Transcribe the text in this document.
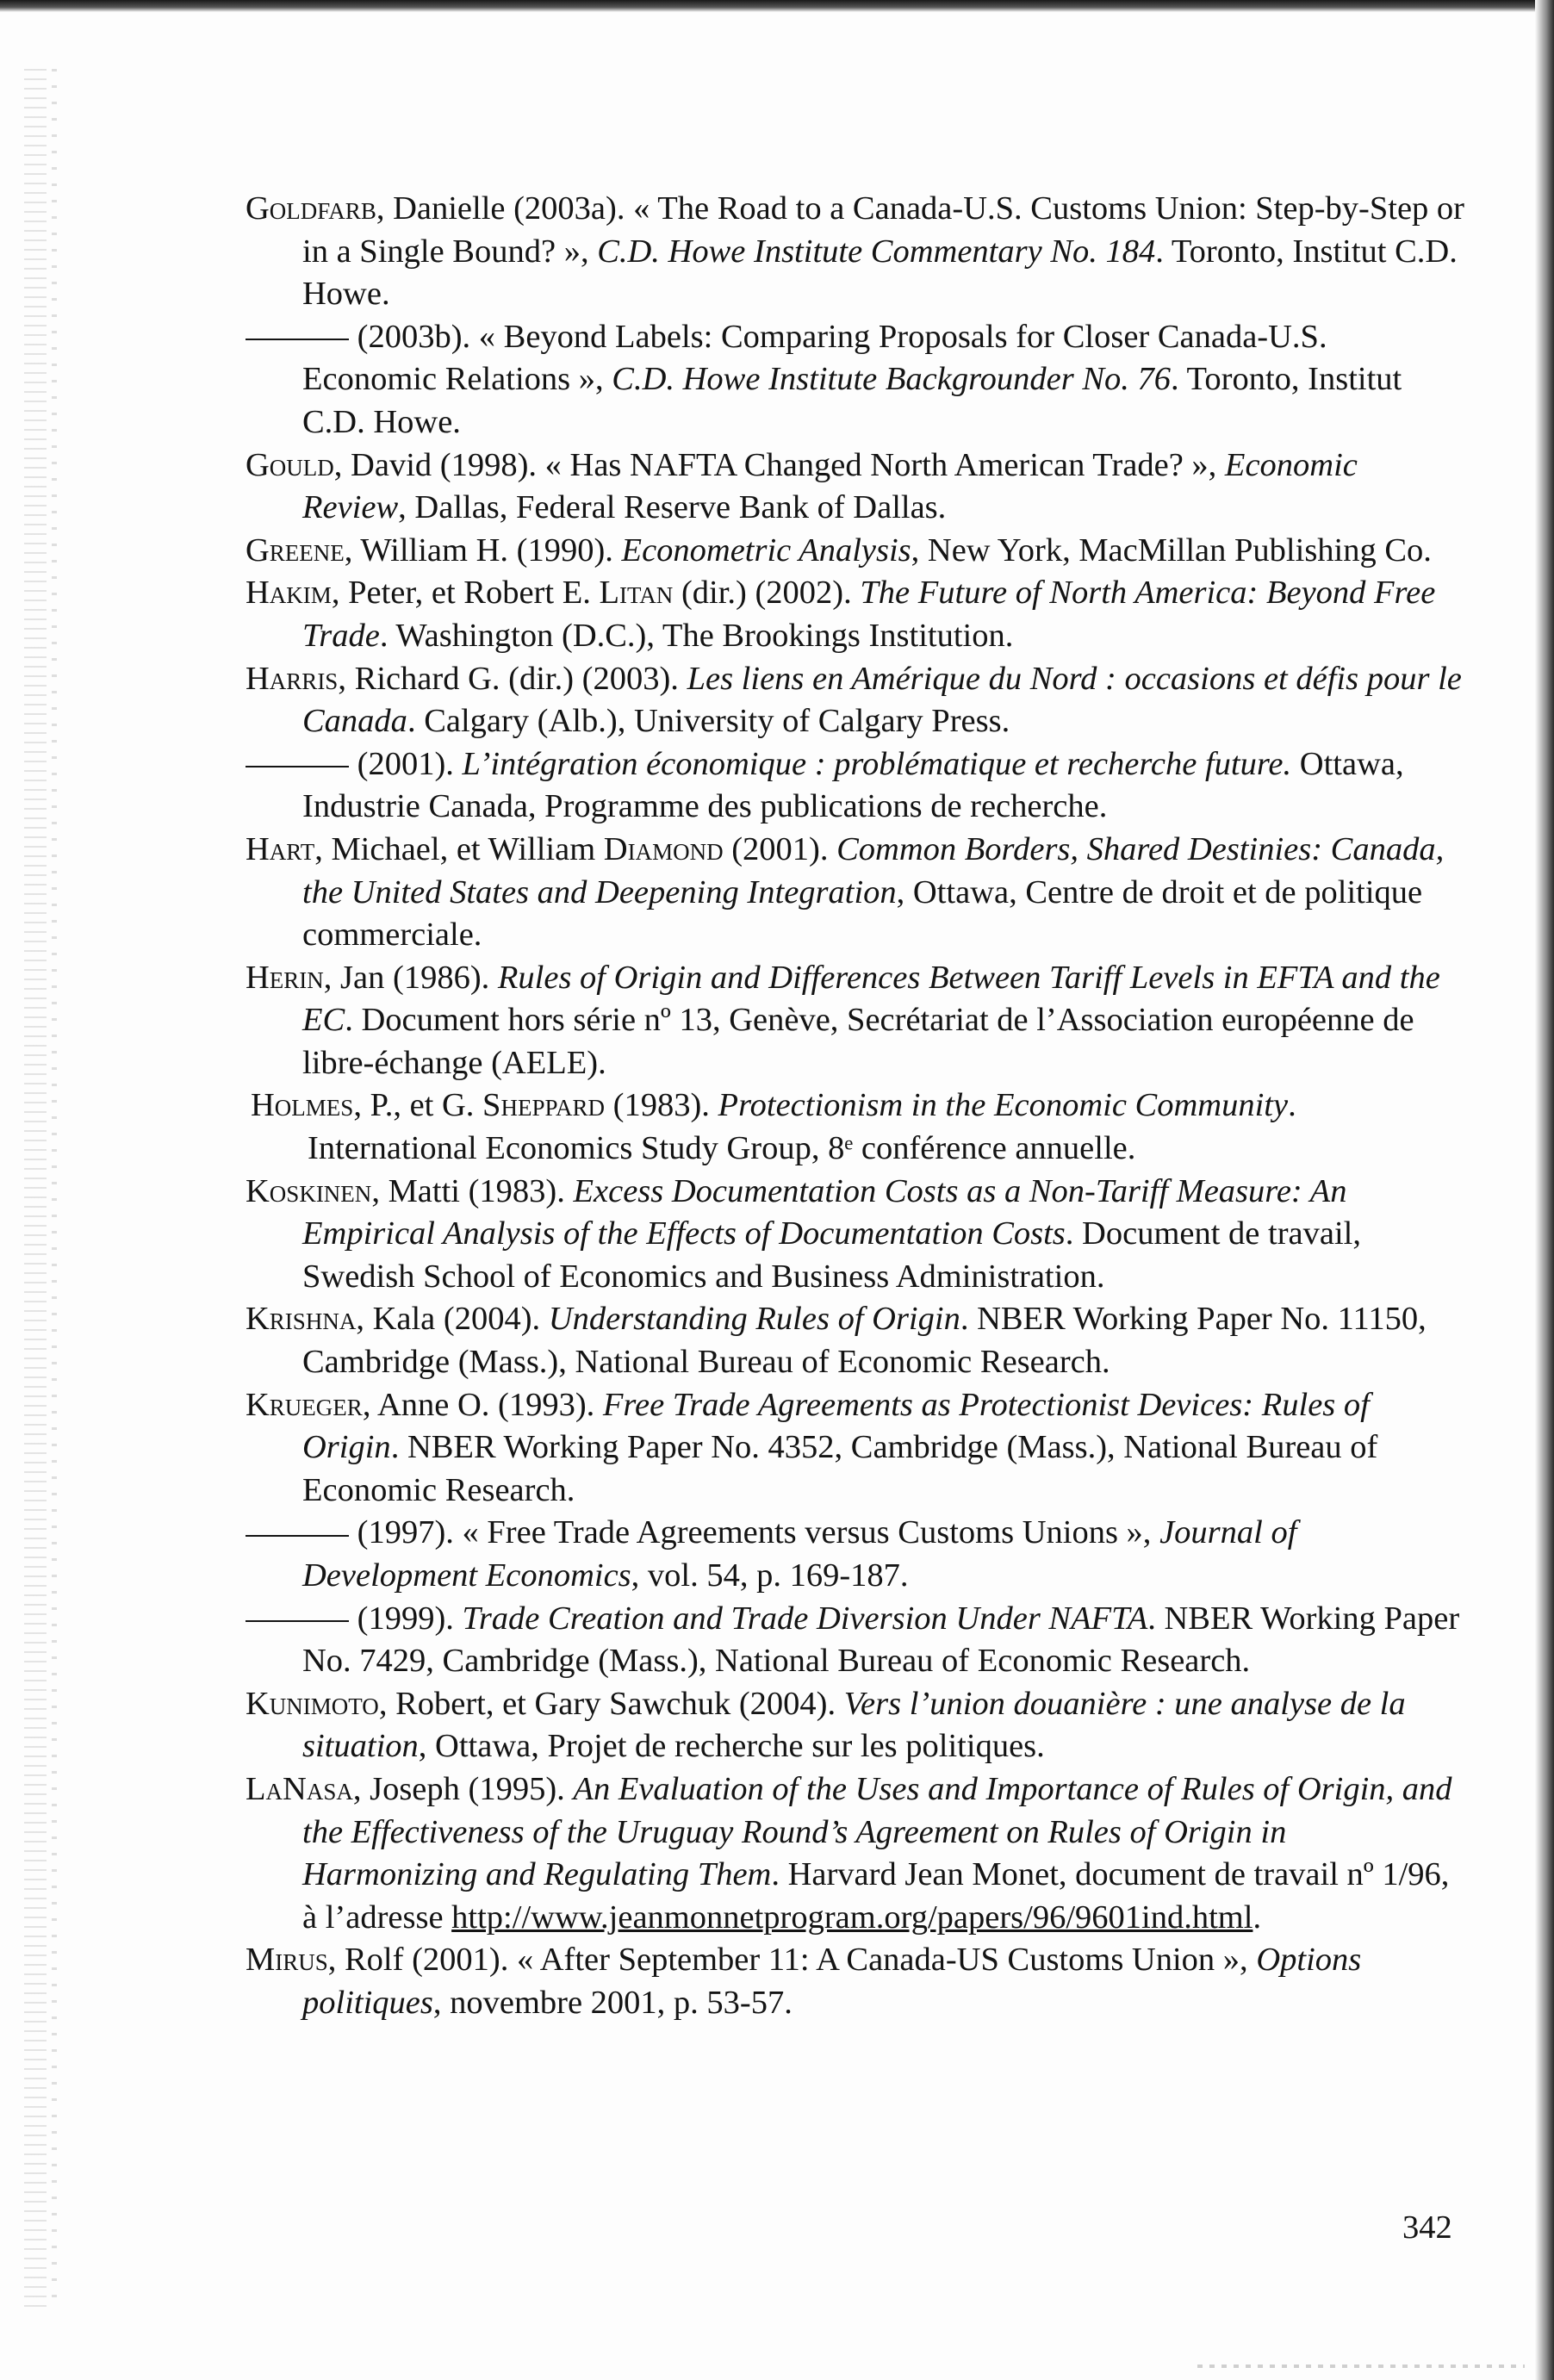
Goldfarb, Danielle (2003a). « The Road to a Canada-U.S. Customs Union: Step-by-Step or in a Single Bound? », C.D. Howe Institute Commentary No. 184. Toronto, Institut C.D. Howe.

(2003b). « Beyond Labels: Comparing Proposals for Closer Canada-U.S. Economic Relations », C.D. Howe Institute Backgrounder No. 76. Toronto, Institut C.D. Howe.

Gould, David (1998). « Has NAFTA Changed North American Trade? », Economic Review, Dallas, Federal Reserve Bank of Dallas.

Greene, William H. (1990). Econometric Analysis, New York, MacMillan Publishing Co.

Hakim, Peter, et Robert E. Litan (dir.) (2002). The Future of North America: Beyond Free Trade. Washington (D.C.), The Brookings Institution.

Harris, Richard G. (dir.) (2003). Les liens en Amérique du Nord : occasions et défis pour le Canada. Calgary (Alb.), University of Calgary Press.

(2001). L’intégration économique : problématique et recherche future. Ottawa, Industrie Canada, Programme des publications de recherche.

Hart, Michael, et William Diamond (2001). Common Borders, Shared Destinies: Canada, the United States and Deepening Integration, Ottawa, Centre de droit et de politique commerciale.

Herin, Jan (1986). Rules of Origin and Differences Between Tariff Levels in EFTA and the EC. Document hors série nº 13, Genève, Secrétariat de l’Association européenne de libre-échange (AELE).

Holmes, P., et G. Sheppard (1983). Protectionism in the Economic Community. International Economics Study Group, 8ᵉ conférence annuelle.

Koskinen, Matti (1983). Excess Documentation Costs as a Non-Tariff Measure: An Empirical Analysis of the Effects of Documentation Costs. Document de travail, Swedish School of Economics and Business Administration.

Krishna, Kala (2004). Understanding Rules of Origin. NBER Working Paper No. 11150, Cambridge (Mass.), National Bureau of Economic Research.

Krueger, Anne O. (1993). Free Trade Agreements as Protectionist Devices: Rules of Origin. NBER Working Paper No. 4352, Cambridge (Mass.), National Bureau of Economic Research.

(1997). « Free Trade Agreements versus Customs Unions », Journal of Development Economics, vol. 54, p. 169-187.

(1999). Trade Creation and Trade Diversion Under NAFTA. NBER Working Paper No. 7429, Cambridge (Mass.), National Bureau of Economic Research.

Kunimoto, Robert, et Gary Sawchuk (2004). Vers l’union douanière : une analyse de la situation, Ottawa, Projet de recherche sur les politiques.

LaNasa, Joseph (1995). An Evaluation of the Uses and Importance of Rules of Origin, and the Effectiveness of the Uruguay Round’s Agreement on Rules of Origin in Harmonizing and Regulating Them. Harvard Jean Monet, document de travail nº 1/96, à l’adresse http://www.jeanmonnetprogram.org/papers/96/9601ind.html.

Mirus, Rolf (2001). « After September 11: A Canada-US Customs Union », Options politiques, novembre 2001, p. 53-57.

342
